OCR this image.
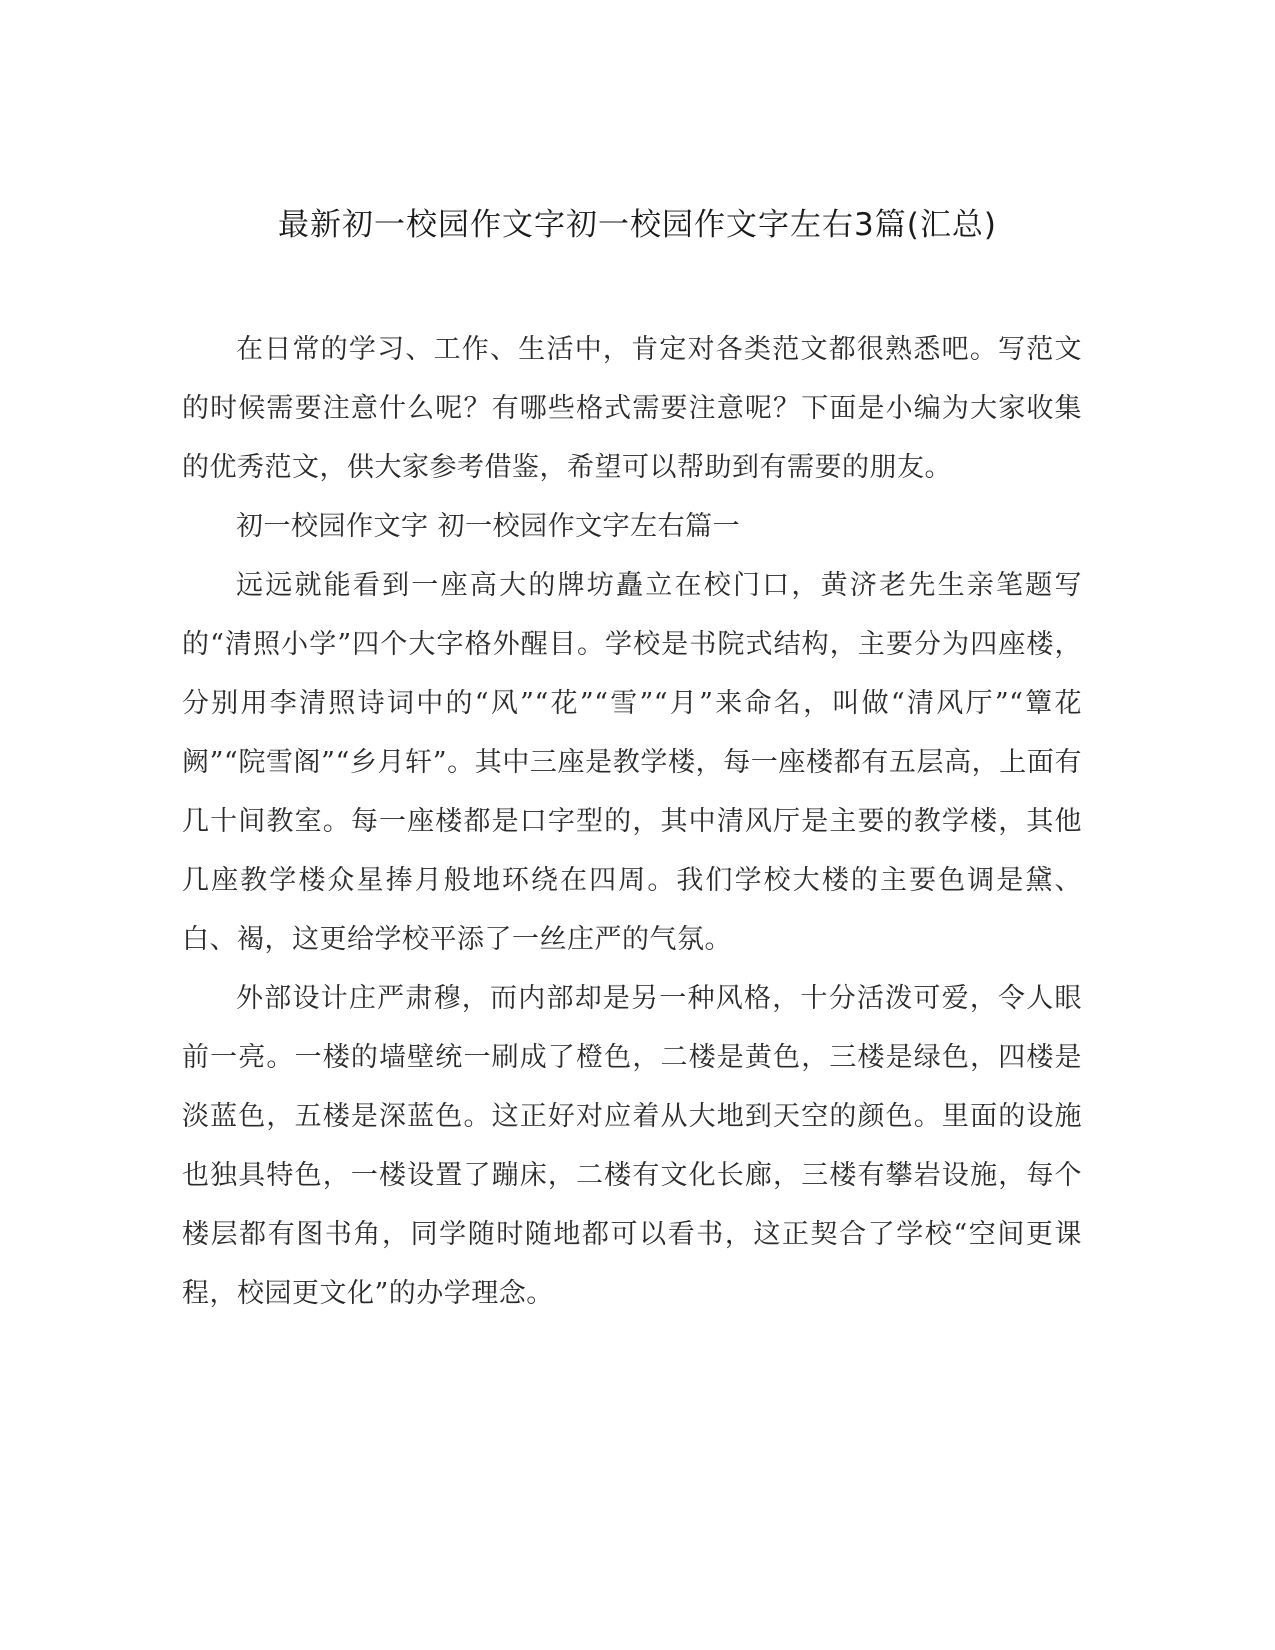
最新初一校园作文字初一校园作文字左右3篇(汇总)

在日常的学习、工作、生活中，肯定对各类范文都很熟悉吧。写范文的时候需要注意什么呢？有哪些格式需要注意呢？下面是小编为大家收集的优秀范文，供大家参考借鉴，希望可以帮助到有需要的朋友。

初一校园作文字 初一校园作文字左右篇一

远远就能看到一座高大的牌坊矗立在校门口，黄济老先生亲笔题写的“清照小学”四个大字格外醒目。学校是书院式结构，主要分为四座楼，分别用李清照诗词中的“风”“花”“雪”“月”来命名，叫做“清风厅”“簟花阙”“院雪阁”“乡月轩”。其中三座是教学楼，每一座楼都有五层高，上面有几十间教室。每一座楼都是口字型的，其中清风厅是主要的教学楼，其他几座教学楼众星捧月般地环绕在四周。我们学校大楼的主要色调是黛、白、褐，这更给学校平添了一丝庄严的气氛。

外部设计庄严肃穆，而内部却是另一种风格，十分活泼可爱，令人眼前一亮。一楼的墙壁统一刷成了橙色，二楼是黄色，三楼是绿色，四楼是淡蓝色，五楼是深蓝色。这正好对应着从大地到天空的颜色。里面的设施也独具特色，一楼设置了蹦床，二楼有文化长廊，三楼有攀岩设施，每个楼层都有图书角，同学随时随地都可以看书，这正契合了学校“空间更课程，校园更文化”的办学理念。
